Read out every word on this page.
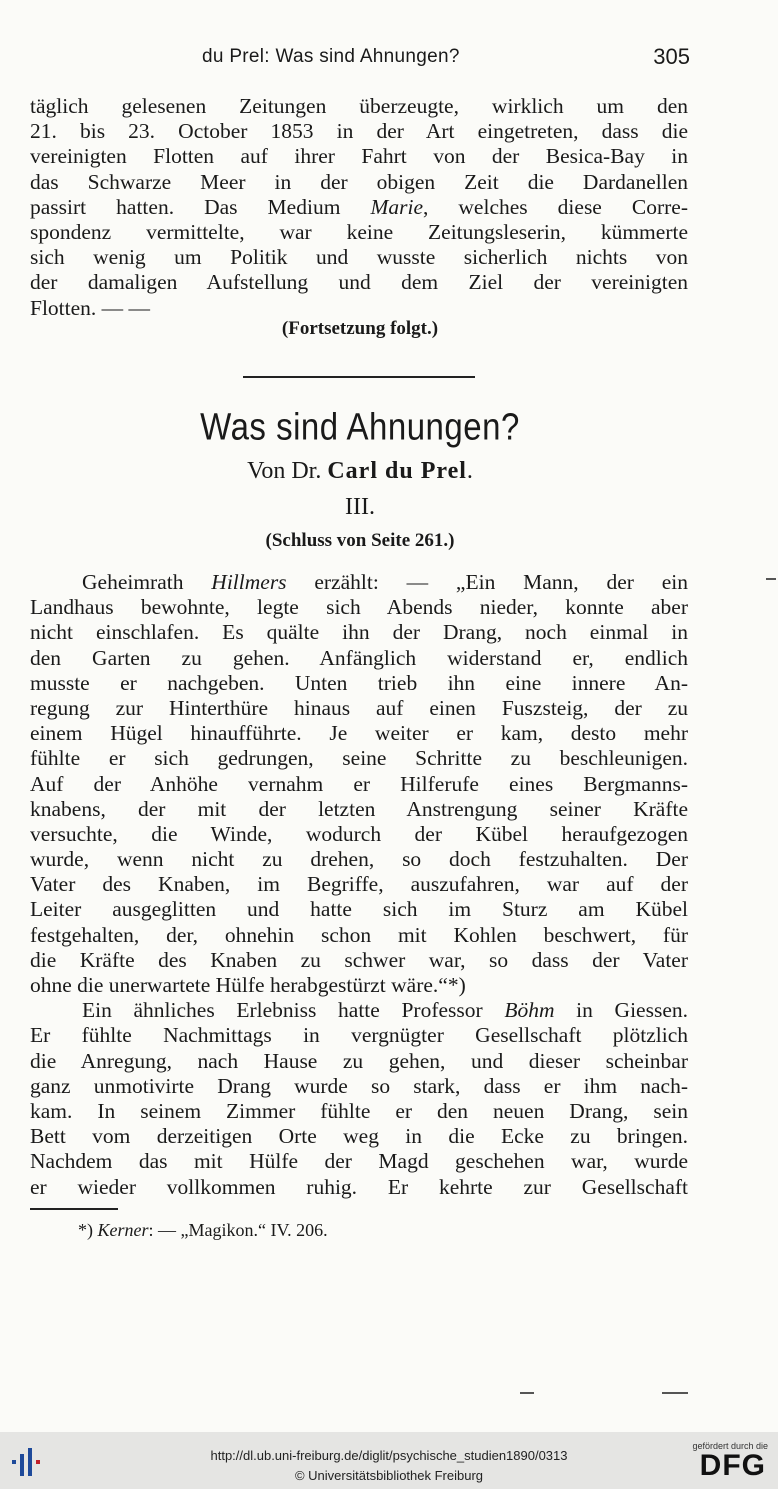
du Prel: Was sind Ahnungen?	305
täglich gelesenen Zeitungen überzeugte, wirklich um den
21. bis 23. October 1853 in der Art eingetreten, dass die
vereinigten Flotten auf ihrer Fahrt von der Besica-Bay in
das Schwarze Meer in der obigen Zeit die Dardanellen
passirt hatten. Das Medium Marie, welches diese Corre-
spondenz vermittelte, war keine Zeitungsleserin, kümmerte
sich wenig um Politik und wusste sicherlich nichts von
der damaligen Aufstellung und dem Ziel der vereinigten
Flotten. — —
(Fortsetzung folgt.)
Was sind Ahnungen?
Von Dr. Carl du Prel.
III.
(Schluss von Seite 261.)
Geheimrath Hillmers erzählt: — „Ein Mann, der ein
Landhaus bewohnte, legte sich Abends nieder, konnte aber
nicht einschlafen. Es quälte ihn der Drang, noch einmal in
den Garten zu gehen. Anfänglich widerstand er, endlich
musste er nachgeben. Unten trieb ihn eine innere An-
regung zur Hinterthüre hinaus auf einen Fuszsteig, der zu
einem Hügel hinaufführte. Je weiter er kam, desto mehr
fühlte er sich gedrungen, seine Schritte zu beschleunigen.
Auf der Anhöhe vernahm er Hilferufe eines Bergmanns-
knabens, der mit der letzten Anstrengung seiner Kräfte
versuchte, die Winde, wodurch der Kübel heraufgezogen
wurde, wenn nicht zu drehen, so doch festzuhalten. Der
Vater des Knaben, im Begriffe, auszufahren, war auf der
Leiter ausgeglitten und hatte sich im Sturz am Kübel
festgehalten, der, ohnehin schon mit Kohlen beschwert, für
die Kräfte des Knaben zu schwer war, so dass der Vater
ohne die unerwartete Hülfe herabgestürzt wäre.“*)
Ein ähnliches Erlebniss hatte Professor Böhm in Giessen.
Er fühlte Nachmittags in vergnügter Gesellschaft plötzlich
die Anregung, nach Hause zu gehen, und dieser scheinbar
ganz unmotivirte Drang wurde so stark, dass er ihm nach-
kam. In seinem Zimmer fühlte er den neuen Drang, sein
Bett vom derzeitigen Orte weg in die Ecke zu bringen.
Nachdem das mit Hülfe der Magd geschehen war, wurde
er wieder vollkommen ruhig. Er kehrte zur Gesellschaft
*) Kerner: — „Magikon.“ IV. 206.
http://dl.ub.uni-freiburg.de/diglit/psychische_studien1890/0313
© Universitätsbibliothek Freiburg
gefördert durch die
DFG
